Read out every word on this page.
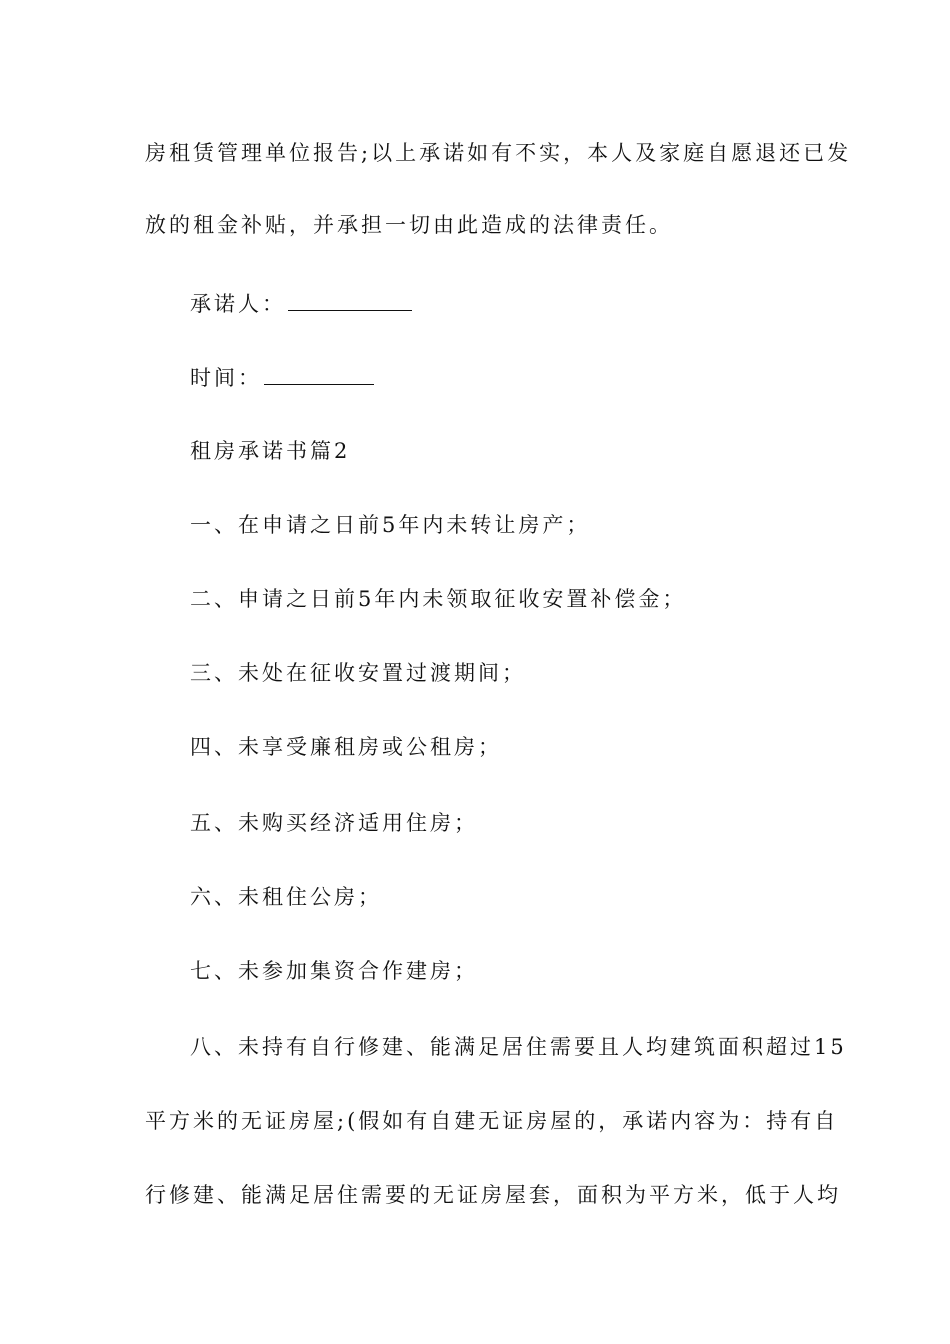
房租赁管理单位报告;以上承诺如有不实，本人及家庭自愿退还已发
放的租金补贴，并承担一切由此造成的法律责任。
承诺人：
时间：
租房承诺书篇2
一、在申请之日前5年内未转让房产；
二、申请之日前5年内未领取征收安置补偿金；
三、未处在征收安置过渡期间；
四、未享受廉租房或公租房；
五、未购买经济适用住房；
六、未租住公房；
七、未参加集资合作建房；
八、未持有自行修建、能满足居住需要且人均建筑面积超过15
平方米的无证房屋;(假如有自建无证房屋的，承诺内容为：持有自
行修建、能满足居住需要的无证房屋套，面积为平方米，低于人均
